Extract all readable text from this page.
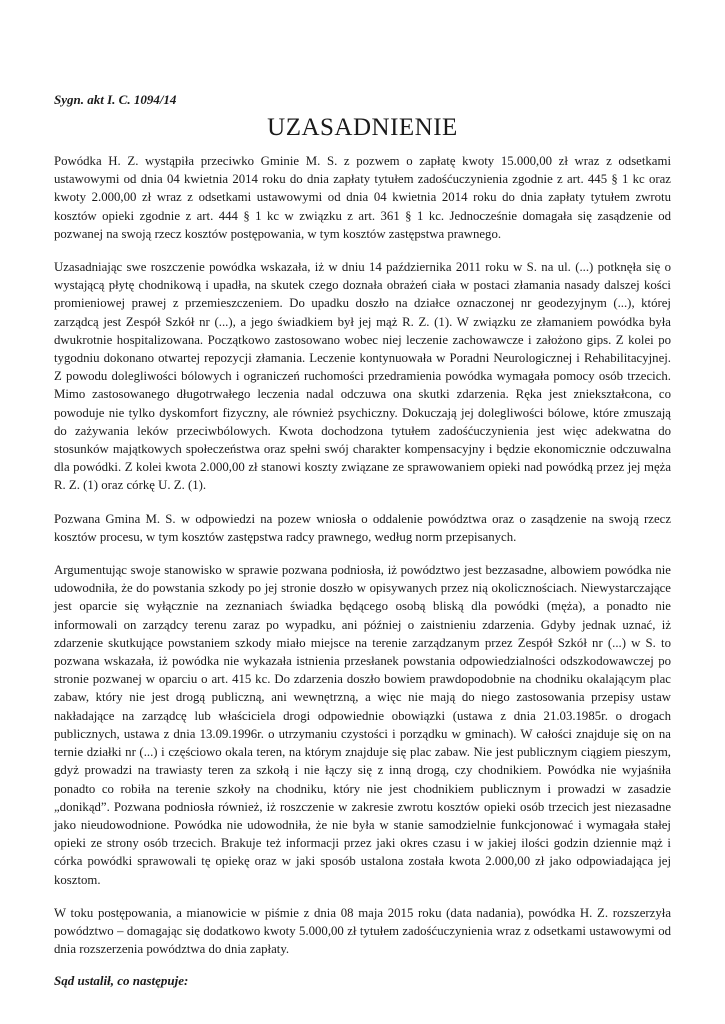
Sygn. akt I. C. 1094/14
UZASADNIENIE

Powódka H. Z. wystąpiła przeciwko Gminie M. S. z pozwem o zapłatę kwoty 15.000,00 zł wraz z odsetkami ustawowymi od dnia 04 kwietnia 2014 roku do dnia zapłaty tytułem zadośćuczynienia zgodnie z art. 445 § 1 kc oraz kwoty 2.000,00 zł wraz z odsetkami ustawowymi od dnia 04 kwietnia 2014 roku do dnia zapłaty tytułem zwrotu kosztów opieki zgodnie z art. 444 § 1 kc w związku z art. 361 § 1 kc. Jednocześnie domagała się zasądzenie od pozwanej na swoją rzecz kosztów postępowania, w tym kosztów zastępstwa prawnego.

Uzasadniając swe roszczenie powódka wskazała, iż w dniu 14 października 2011 roku w S. na ul. (...) potknęła się o wystającą płytę chodnikową i upadła, na skutek czego doznała obrażeń ciała w postaci złamania nasady dalszej kości promieniowej prawej z przemieszczeniem. Do upadku doszło na działce oznaczonej nr geodezyjnym (...), której zarządcą jest Zespół Szkół nr (...), a jego świadkiem był jej mąż R. Z. (1). W związku ze złamaniem powódka była dwukrotnie hospitalizowana. Początkowo zastosowano wobec niej leczenie zachowawcze i założono gips. Z kolei po tygodniu dokonano otwartej repozycji złamania. Leczenie kontynuowała w Poradni Neurologicznej i Rehabilitacyjnej. Z powodu dolegliwości bólowych i ograniczeń ruchomości przedramienia powódka wymagała pomocy osób trzecich. Mimo zastosowanego długotrwałego leczenia nadal odczuwa ona skutki zdarzenia. Ręka jest zniekształcona, co powoduje nie tylko dyskomfort fizyczny, ale również psychiczny. Dokuczają jej dolegliwości bólowe, które zmuszają do zażywania leków przeciwbólowych. Kwota dochodzona tytułem zadośćuczynienia jest więc adekwatna do stosunków majątkowych społeczeństwa oraz spełni swój charakter kompensacyjny i będzie ekonomicznie odczuwalna dla powódki. Z kolei kwota 2.000,00 zł stanowi koszty związane ze sprawowaniem opieki nad powódką przez jej męża R. Z. (1) oraz córkę U. Z. (1).

Pozwana Gmina M. S. w odpowiedzi na pozew wniosła o oddalenie powództwa oraz o zasądzenie na swoją rzecz kosztów procesu, w tym kosztów zastępstwa radcy prawnego, według norm przepisanych.

Argumentując swoje stanowisko w sprawie pozwana podniosła, iż powództwo jest bezzasadne, albowiem powódka nie udowodniła, że do powstania szkody po jej stronie doszło w opisywanych przez nią okolicznościach. Niewystarczające jest oparcie się wyłącznie na zeznaniach świadka będącego osobą bliską dla powódki (męża), a ponadto nie informowali on zarządcy terenu zaraz po wypadku, ani później o zaistnieniu zdarzenia. Gdyby jednak uznać, iż zdarzenie skutkujące powstaniem szkody miało miejsce na terenie zarządzanym przez Zespół Szkół nr (...) w S. to pozwana wskazała, iż powódka nie wykazała istnienia przesłanek powstania odpowiedzialności odszkodowawczej po stronie pozwanej w oparciu o art. 415 kc. Do zdarzenia doszło bowiem prawdopodobnie na chodniku okalającym plac zabaw, który nie jest drogą publiczną, ani wewnętrzną, a więc nie mają do niego zastosowania przepisy ustaw nakładające na zarządcę lub właściciela drogi odpowiednie obowiązki (ustawa z dnia 21.03.1985r. o drogach publicznych, ustawa z dnia 13.09.1996r. o utrzymaniu czystości i porządku w gminach). W całości znajduje się on na ternie działki nr (...) i częściowo okala teren, na którym znajduje się plac zabaw. Nie jest publicznym ciągiem pieszym, gdyż prowadzi na trawiasty teren za szkołą i nie łączy się z inną drogą, czy chodnikiem. Powódka nie wyjaśniła ponadto co robiła na terenie szkoły na chodniku, który nie jest chodnikiem publicznym i prowadzi w zasadzie „donikąd”. Pozwana podniosła również, iż roszczenie w zakresie zwrotu kosztów opieki osób trzecich jest niezasadne jako nieudowodnione. Powódka nie udowodniła, że nie była w stanie samodzielnie funkcjonować i wymagała stałej opieki ze strony osób trzecich. Brakuje też informacji przez jaki okres czasu i w jakiej ilości godzin dziennie mąż i córka powódki sprawowali tę opiekę oraz w jaki sposób ustalona została kwota 2.000,00 zł jako odpowiadająca jej kosztom.

W toku postępowania, a mianowicie w piśmie z dnia 08 maja 2015 roku (data nadania), powódka H. Z. rozszerzyła powództwo – domagając się dodatkowo kwoty 5.000,00 zł tytułem zadośćuczynienia wraz z odsetkami ustawowymi od dnia rozszerzenia powództwa do dnia zapłaty.

Sąd ustalił, co następuje:
